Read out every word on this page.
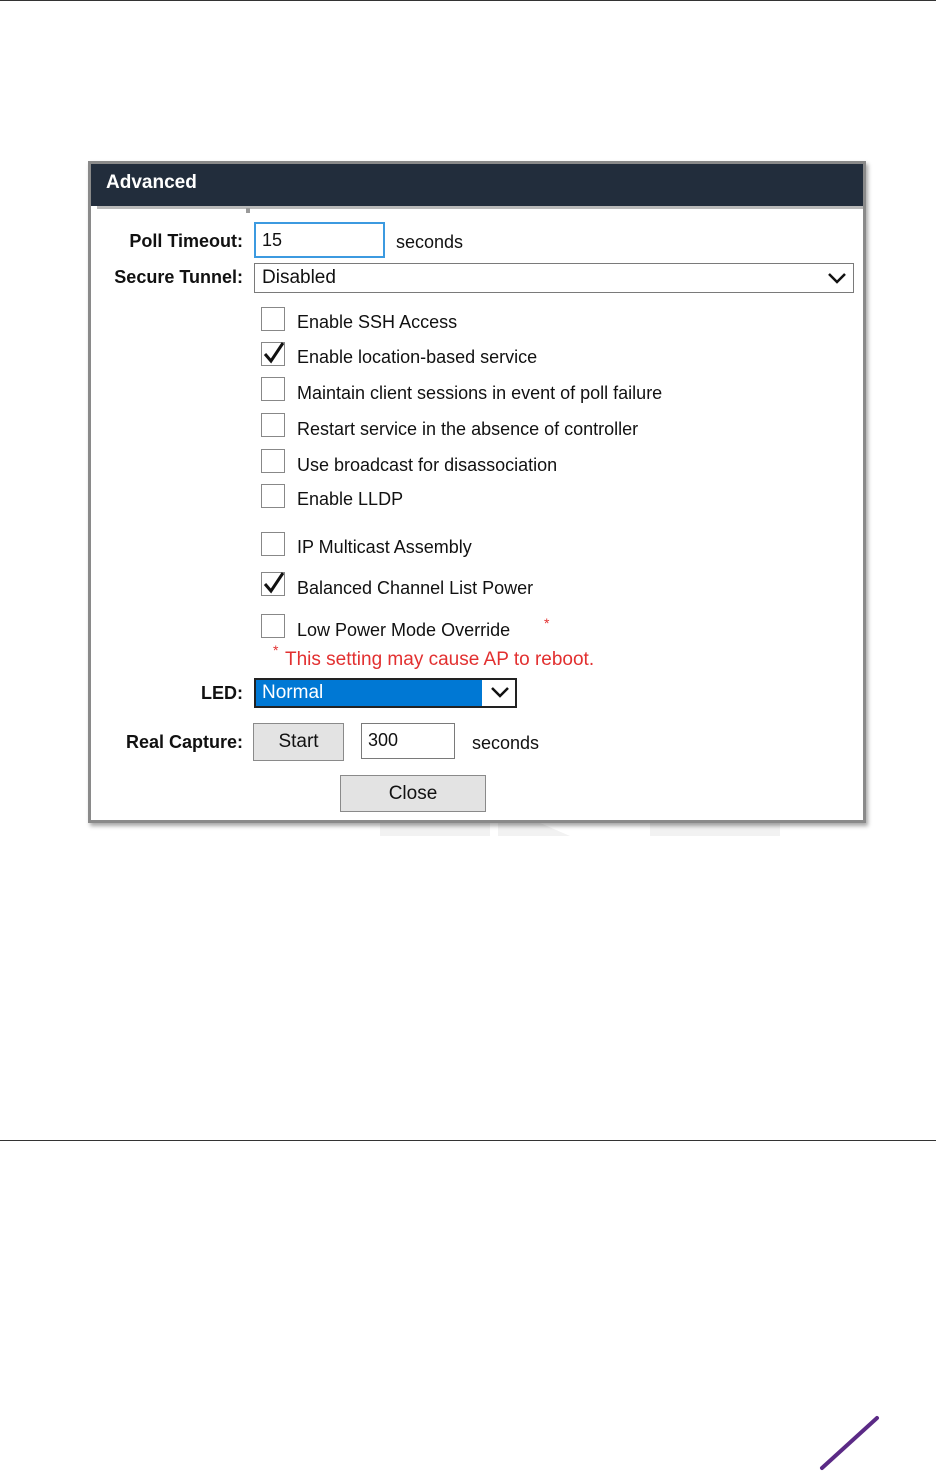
Advanced
Poll Timeout:	15	seconds
Secure Tunnel: Disabled
Enable SSH Access
Enable location-based service
Maintain client sessions in event of poll failure
Restart service in the absence of controller
Use broadcast for disassociation
Enable LLDP
IP Multicast Assembly
Balanced Channel List Power
Low Power Mode Override *
* This setting may cause AP to reboot.
LED: Normal
Real Capture:	Start	300	seconds
Close
